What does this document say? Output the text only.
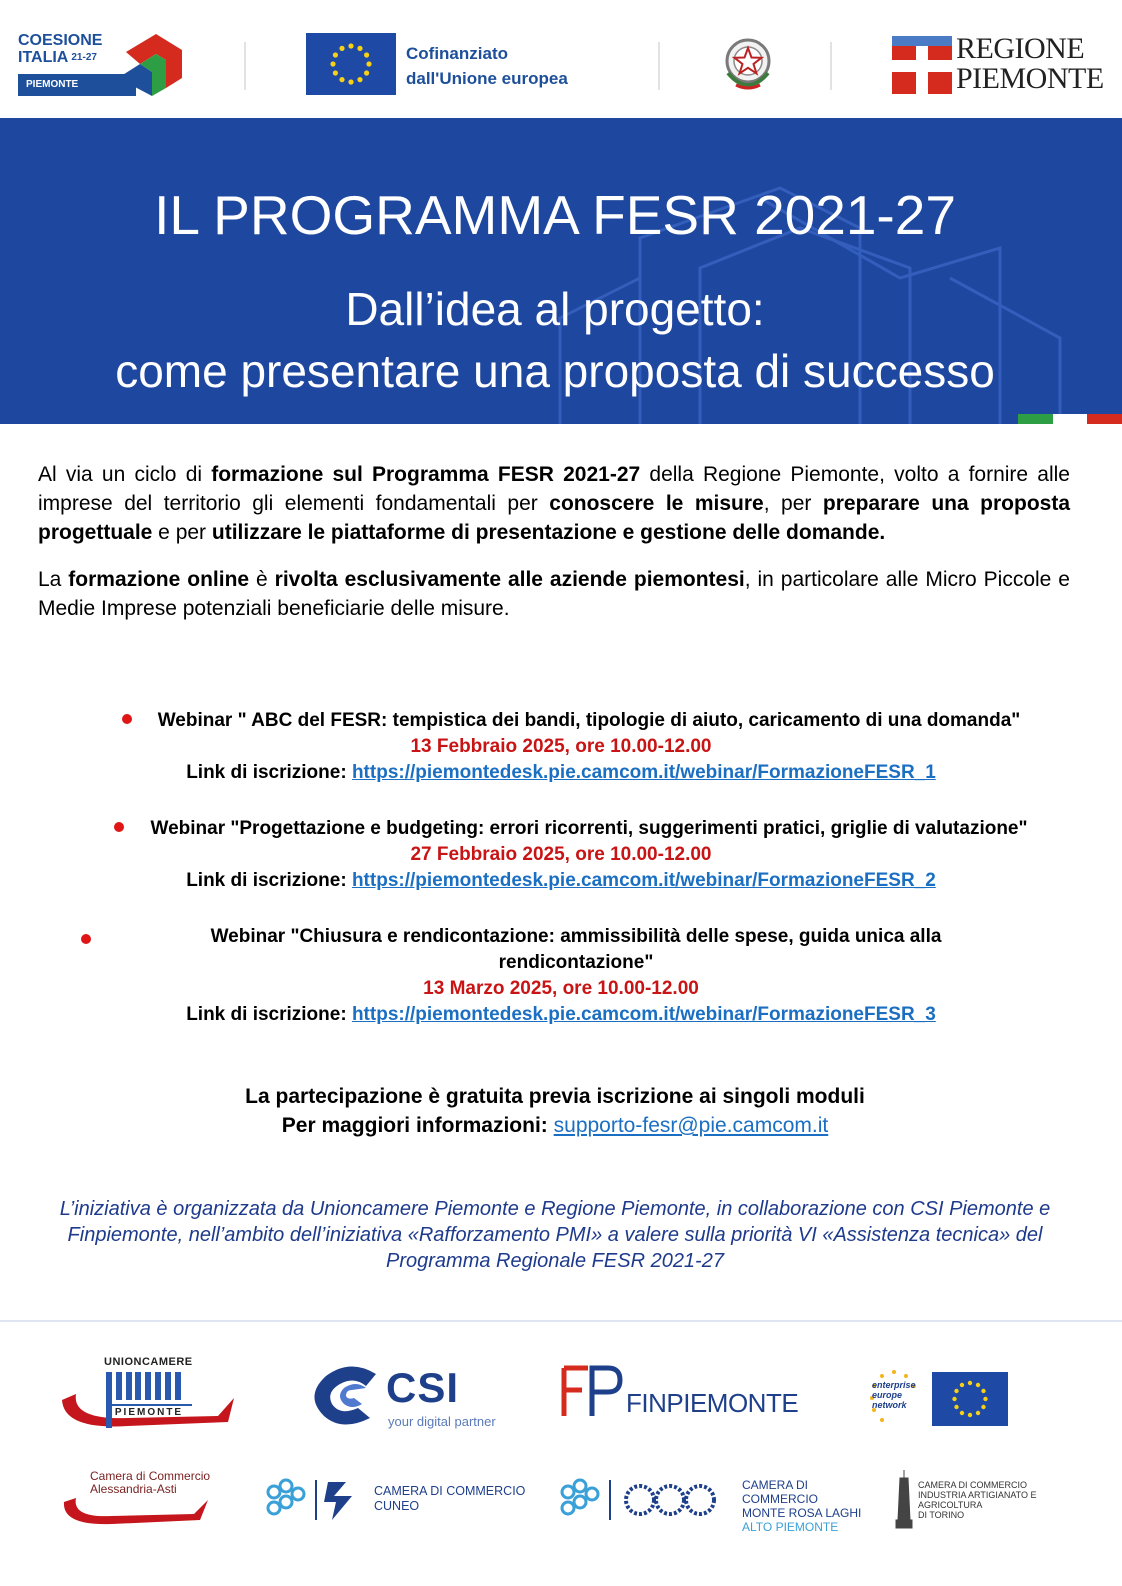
COESIONE
ITALIA $^{21-27}$
PIEMONTE
Cofinanziato
dall'Unione europea
REGIONE
PIEMONTE
IL PROGRAMMA FESR 2021-27
Dall’idea al progetto:
come presentare una proposta di successo

Al via un ciclo di formazione sul Programma FESR 2021-27 della Regione Piemonte, volto a fornire alle imprese del territorio gli elementi fondamentali per conoscere le misure, per preparare una proposta progettuale e per utilizzare le piattaforme di presentazione e gestione delle domande.

La formazione online è rivolta esclusivamente alle aziende piemontesi, in particolare alle Micro Piccole e Medie Imprese potenziali beneficiarie delle misure.

Webinar " ABC del FESR: tempistica dei bandi, tipologie di aiuto, caricamento di una domanda"
13 Febbraio 2025, ore 10.00-12.00
Link di iscrizione: https://piemontedesk.pie.camcom.it/webinar/FormazioneFESR_1
Webinar "Progettazione e budgeting: errori ricorrenti, suggerimenti pratici, griglie di valutazione"
27 Febbraio 2025, ore 10.00-12.00
Link di iscrizione: https://piemontedesk.pie.camcom.it/webinar/FormazioneFESR_2
Webinar "Chiusura e rendicontazione: ammissibilità delle spese, guida unica alla rendicontazione"
13 Marzo 2025, ore 10.00-12.00
Link di iscrizione: https://piemontedesk.pie.camcom.it/webinar/FormazioneFESR_3
La partecipazione è gratuita previa iscrizione ai singoli moduli
Per maggiori informazioni: supporto-fesr@pie.camcom.it
L’iniziativa è organizzata da Unioncamere Piemonte e Regione Piemonte, in collaborazione con CSI Piemonte e Finpiemonte, nell’ambito dell’iniziativa «Rafforzamento PMI» a valere sulla priorità VI «Assistenza tecnica» del Programma Regionale FESR 2021-27
UNIONCAMERE
PIEMONTE
CSI
your digital partner
FINPIEMONTE
enterprise
europe
network
Camera di Commercio
Alessandria-Asti	CAMERA DI COMMERCIO
CUNEO
CAMERA DI COMMERCIO
MONTE ROSA LAGHI
ALTO PIEMONTE
CAMERA DI COMMERCIO
INDUSTRIA ARTIGIANATO E AGRICOLTURA
DI TORINO
